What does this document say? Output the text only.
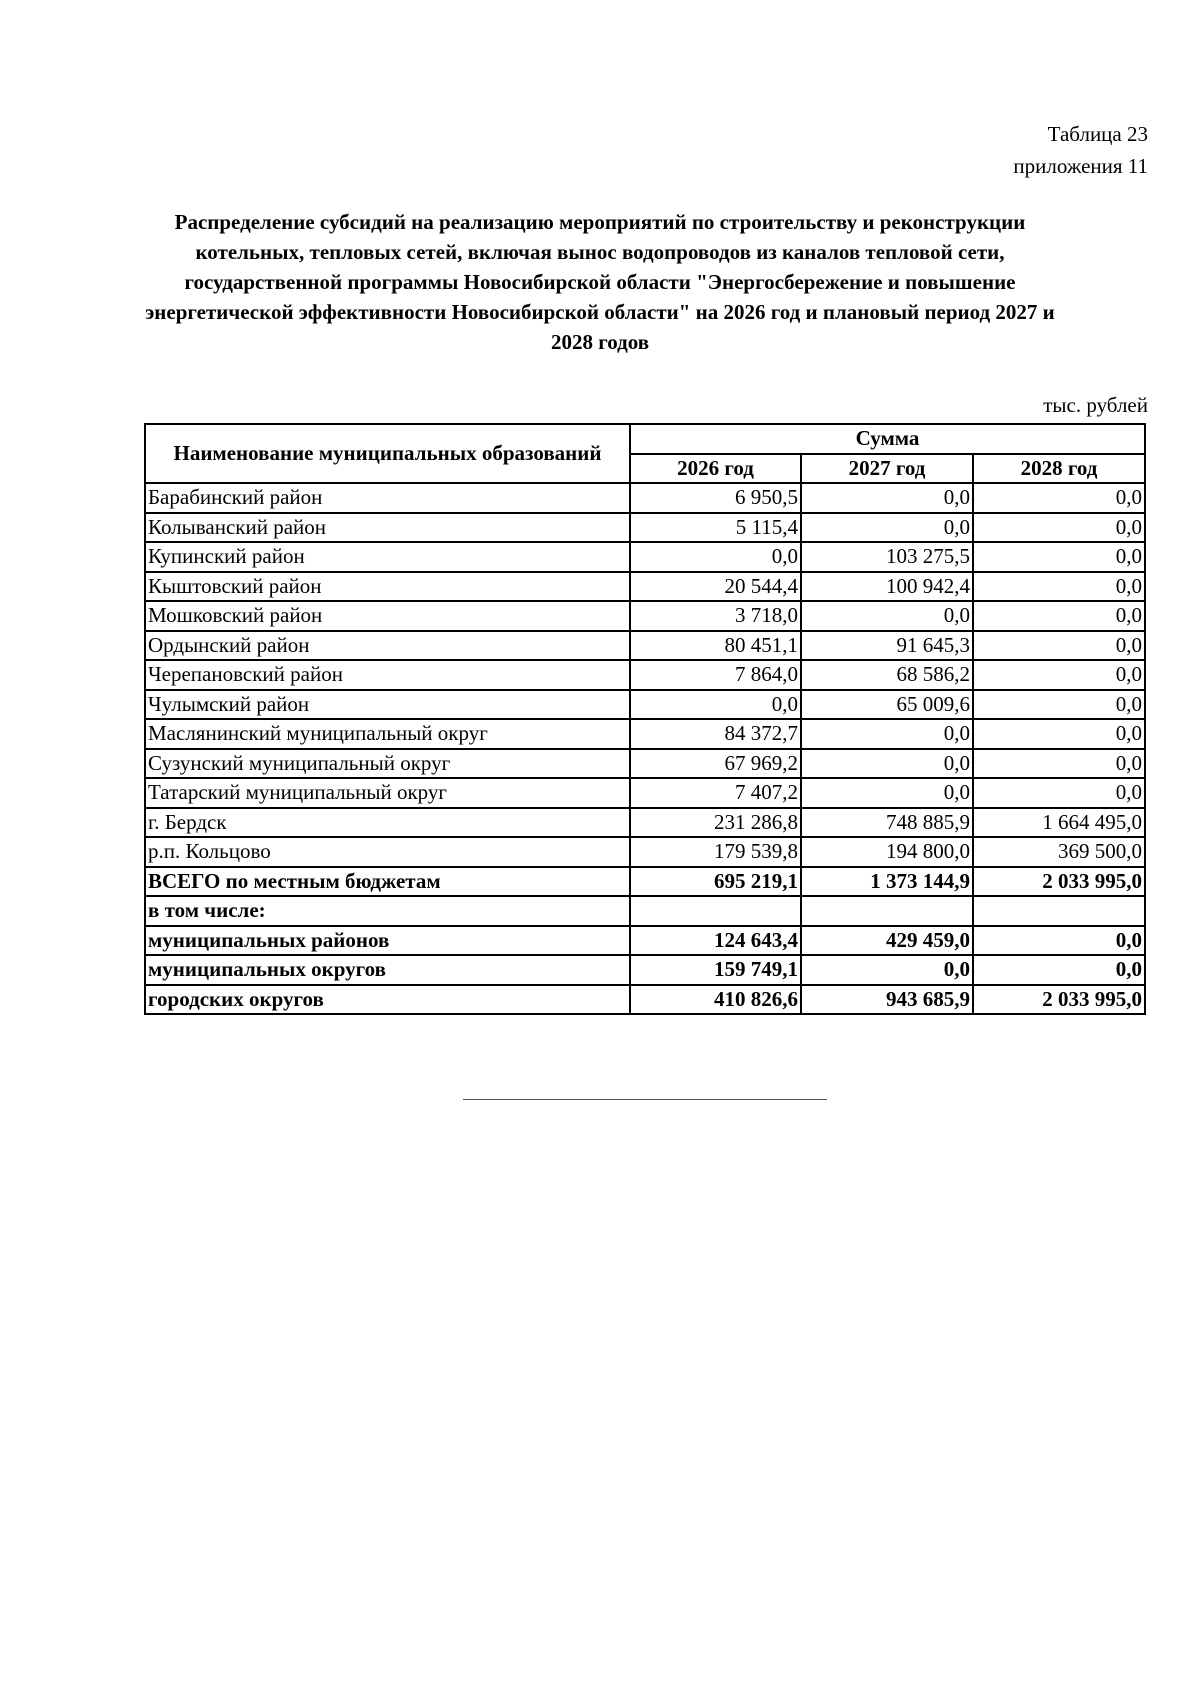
Таблица 23
приложения 11
Распределение субсидий на реализацию мероприятий по строительству и реконструкции котельных, тепловых сетей, включая вынос водопроводов из каналов тепловой сети, государственной программы Новосибирской области "Энергосбережение и повышение энергетической эффективности Новосибирской области" на 2026 год и плановый период 2027 и 2028 годов
тыс. рублей
Наименование муниципальных образований	Сумма		
	2026 год	2027 год	2028 год
Барабинский район	6 950,5	0,0	0,0
Колыванский район	5 115,4	0,0	0,0
Купинский район	0,0	103 275,5	0,0
Кыштовский район	20 544,4	100 942,4	0,0
Мошковский район	3 718,0	0,0	0,0
Ордынский район	80 451,1	91 645,3	0,0
Черепановский район	7 864,0	68 586,2	0,0
Чулымский район	0,0	65 009,6	0,0
Маслянинский муниципальный округ	84 372,7	0,0	0,0
Сузунский муниципальный округ	67 969,2	0,0	0,0
Татарский муниципальный округ	7 407,2	0,0	0,0
г. Бердск	231 286,8	748 885,9	1 664 495,0
р.п. Кольцово	179 539,8	194 800,0	369 500,0
ВСЕГО по местным бюджетам	695 219,1	1 373 144,9	2 033 995,0
в том числе:			
муниципальных районов	124 643,4	429 459,0	0,0
муниципальных округов	159 749,1	0,0	0,0
городских округов	410 826,6	943 685,9	2 033 995,0
